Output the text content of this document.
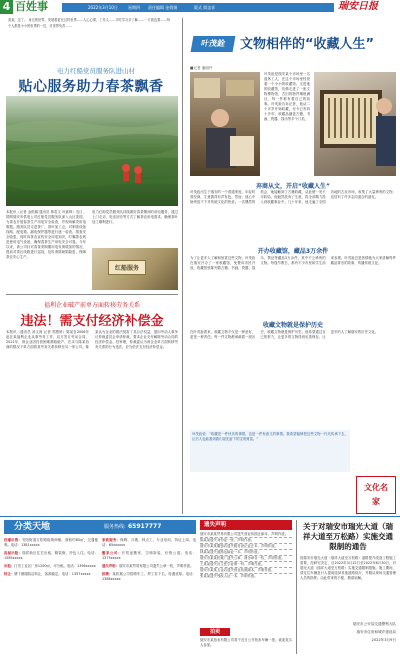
4 百姓事	2022年3月10日	星期四 责任编辑 金俏娟	版式 简忠祥	瑞安日报
喜欢，还了。 身边的世界，发展着更比过时世界……人心心情，工作人……平时学习多了解……一方面也要……每个人都是小小的世界的一员，对世界负责……
电力红船党员服务队进山村
贴心服务助力春茶飘香
本报讯（记者 金俏娟 通讯员 林若文 叶嘉琦）近日，国网瑞安市供电公司红船党员服务队深入山区茶园，为茶农开展春茶生产用电安全检查，并现场解决用电难题。服务队员走进茶厂、茶叶加工点，对制茶设备线路、配电箱、漏电保护器等进行逐一检查，排查安全隐患，同时向茶农宣传安全用电知识，叮嘱茶农规范使用电气设备，确保春茶生产用电安全可靠。今年以来，该公司针对春茶采制期用电负荷增加的情况，提前对茶区线路进行巡视，及时消除缺陷隐患，保障茶农安心生产。
电力红船党员服务队持续做好春茶期间的用电服务，通过上门走访、电话回访等方式了解茶农用电需求，确保茶叶加工顺利进行。
红船服务
福利企业破产前单方面转移劳务关系
违法！需支付经济补偿金
本报讯（通讯员 汤文涛 记者 郑慧婷）陈某自2006年起在某福利企业从事劳务工作，双方签订劳动合同。2021年，该企业因经营困难濒临破产，在未与陈某协商的情况下单方面将其劳务关系转移至另一家公司。陈某认为企业的做法侵害了其合法权益，遂向劳动人事争议仲裁委员会申请仲裁，要求企业支付解除劳动合同的经济补偿金。经审理，仲裁委认为该企业单方面转移劳务关系的行为违法，应当依法支付经济补偿金。
叶茂銓	文物相伴的“收藏人生”
■记者 潘丽玲
叶茂銓是瑞安某个市场里一名退休工人，在这个市场里经营着一个小小的收藏馆。走进他的收藏馆，仿佛走进了一座文物博物馆，古旧的物件琳琅满目，每一件都有着自己的故事。叶茂銓告诉记者，他从二十多岁开始收藏，至今已有四十多年，收藏品涵盖古籍、书画、瓷器、钱币等多个门类。
弃商从文，开启“收藏人生”
叶茂銓出生于瑞安的一个普通家庭，年轻时曾经商，生意做得有声有色。然而，他心中始终放不下对传统文化的热爱。一次偶然的机会，他接触到了古籍收藏，从此便一发不可收拾。他毅然放弃了生意，将全部精力投入到收藏事业中。几十年来，他走遍了全国各地的古玩市场，收集了大量珍贵的文物，也结识了许多志同道合的朋友。
开办收藏馆，藏品3万余件
为了让更多人了解和欣赏这些文物，叶茂銓在瑞安开办了一家收藏馆，免费向市民开放。收藏馆里陈列着古籍、书画、瓷器、钱币、票证等藏品3万余件，其中不乏珍贵的文物。每逢节假日，都有不少市民和学生前来参观。叶茂銓总是热情地为大家讲解每件藏品背后的故事，传播传统文化。
收藏文物就是保护历史
在叶茂銓看来，收藏文物不仅是一种爱好，更是一种责任。每一件文物都承载着一段历史，收藏文物就是保护历史。他希望通过自己的努力，让更多的文物得到妥善保存，让更多的人了解瑞安的历史文化。
叶茂銓说：“收藏是一件快乐的事情，也是一件有意义的事情。我希望能够把这些文物一代代传承下去，让后人也能看到我们祖先留下的宝贵财富。”
文化名家
分类天地	服务热线: 65917777
旺铺出售：安阳街道万松路临街商铺，面积约85㎡，交通便利。电话：1381xxxxx
房屋出租：瑞祥新区住宅出租，精装修，拎包入住。电话：1585xxxxx
出租：汀田工业区厂房1200㎡，可分租。电话：1396xxxxx
转让：塘下镇服装店转让，客源稳定。电话：1357xxxxx
家政服务：保姆、月嫂、钟点工，专业培训，持证上岗。电话：65xxxxxx
搬家公司：长短途搬家，空调拆装，价格公道。电话：1375xxxxx
遗失声明：瑞安市某贸易有限公司遗失公章一枚，声明作废。
招聘：某机械公司招聘车工、焊工若干名，待遇优厚。电话：1386xxxxx
遗失声明
瑞安市某某贸易有限公司遗失营业执照正副本，声明作废。
陈某某遗失身份证一张，声明作废。
瑞安市某某服饰店遗失税务登记证正本，声明作废。
林某某遗失道路运输证一本，声明作废。
瑞安市某某机械厂遗失公章、财务章各一枚，声明作废。
王某某遗失出生医学证明一份，声明作废。
瑞安市某某五金店遗失营业执照副本，声明作废。
张某某遗失残疾人证一本，声明作废。
拍卖
瑞安市某拍卖有限公司将于近日公开拍卖车辆一批，欢迎竞买人参加。
关于对瑞安市瑞光大道（瑞祥大道至万松路）实施交通限制的通告
因瑞安市瑞光大道（瑞祥大道至万松路）道路提升改造工程施工需要，经研究决定，自2022年3月12日至2022年6月30日，对瑞光大道（瑞祥大道至万松路）实施交通限制措施。施工期间，请过往车辆及行人提前选择其他道路绕行，并服从现场交通管理人员的指挥。由此带来的不便，敬请谅解。
瑞安市公安局交通警察大队
瑞安市住房和城乡建设局
2022年3月9日
